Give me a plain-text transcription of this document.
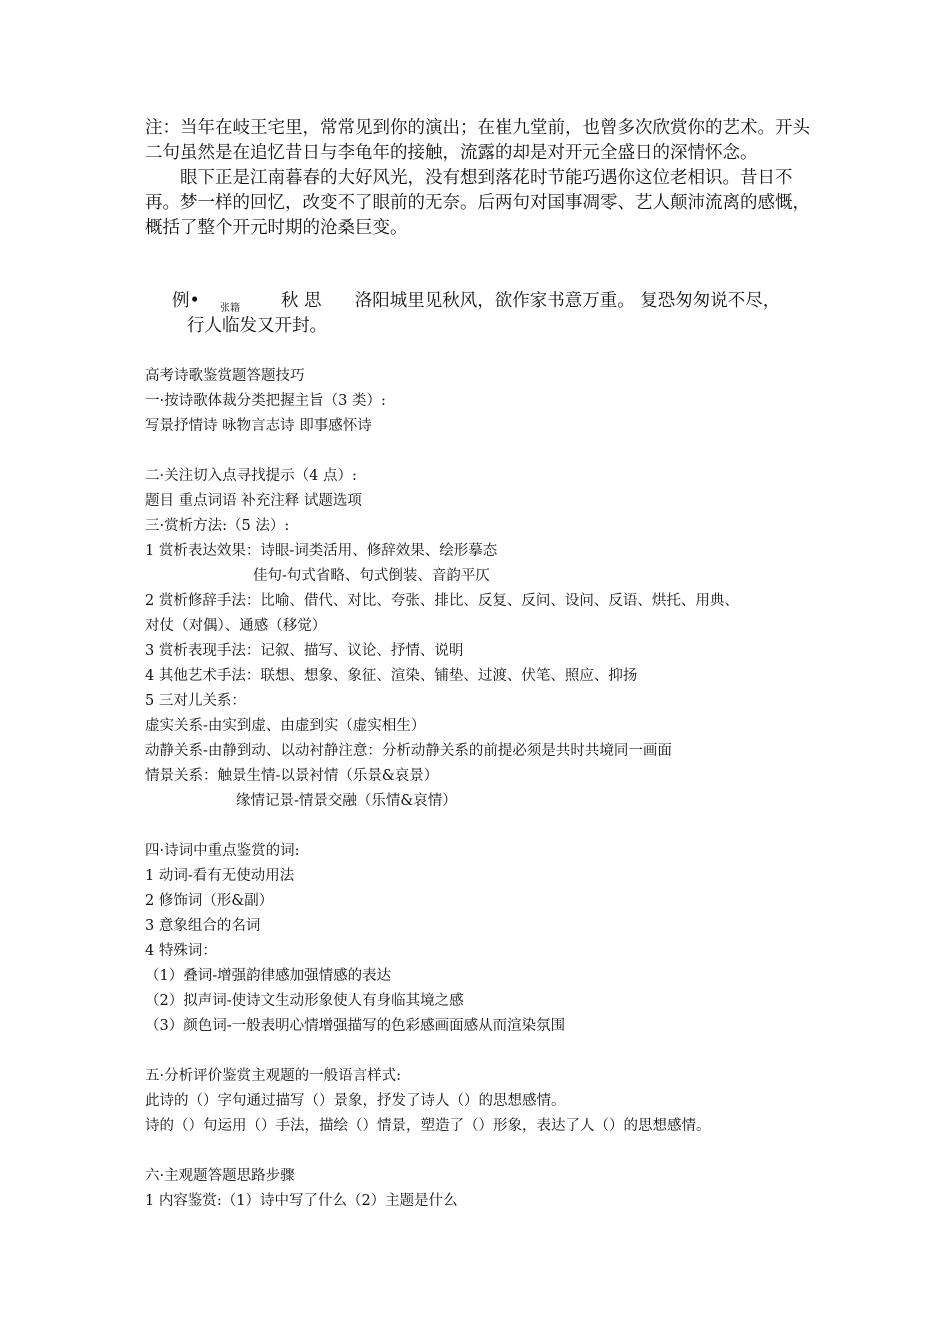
注：当年在岐王宅里，常常见到你的演出；在崔九堂前，也曾多次欣赏你的艺术。开头二句虽然是在追忆昔日与李龟年的接触，流露的却是对开元全盛日的深情怀念。

眼下正是江南暮春的大好风光，没有想到落花时节能巧遇你这位老相识。昔日不再。梦一样的回忆，改变不了眼前的无奈。后两句对国事凋零、艺人颠沛流离的感慨，概括了整个开元时期的沧桑巨变。

例•	秋 思 洛阳城里见秋风，欲作家书意万重。 复恐匆匆说不尽，
张籍
行人临发又开封。
高考诗歌鉴赏题答题技巧
一·按诗歌体裁分类把握主旨（3 类）:
写景抒情诗 咏物言志诗 即事感怀诗
二·关注切入点寻找提示（4 点）:
题目 重点词语 补充注释 试题选项
三·赏析方法:（5 法）:
1 赏析表达效果：诗眼-词类活用、修辞效果、绘形摹态
佳句-句式省略、句式倒装、音韵平仄
2 赏析修辞手法：比喻、借代、对比、夸张、排比、反复、反问、设问、反语、烘托、用典、
对仗（对偶）、通感（移觉）
3 赏析表现手法：记叙、描写、议论、抒情、说明
4 其他艺术手法：联想、想象、象征、渲染、铺垫、过渡、伏笔、照应、抑扬
5 三对儿关系：
虚实关系-由实到虚、由虚到实（虚实相生）
动静关系-由静到动、以动衬静注意：分析动静关系的前提必须是共时共境同一画面
情景关系：触景生情-以景衬情（乐景&哀景）
缘情记景-情景交融（乐情&哀情）
四·诗词中重点鉴赏的词:
1 动词-看有无使动用法
2 修饰词（形&副）
3 意象组合的名词
4 特殊词：
（1）叠词-增强韵律感加强情感的表达
（2）拟声词-使诗文生动形象使人有身临其境之感
（3）颜色词-一般表明心情增强描写的色彩感画面感从而渲染氛围
五·分析评价鉴赏主观题的一般语言样式:
此诗的（）字句通过描写（）景象，抒发了诗人（）的思想感情。
诗的（）句运用（）手法，描绘（）情景，塑造了（）形象，表达了人（）的思想感情。
六·主观题答题思路步骤
1 内容鉴赏:（1）诗中写了什么（2）主题是什么
